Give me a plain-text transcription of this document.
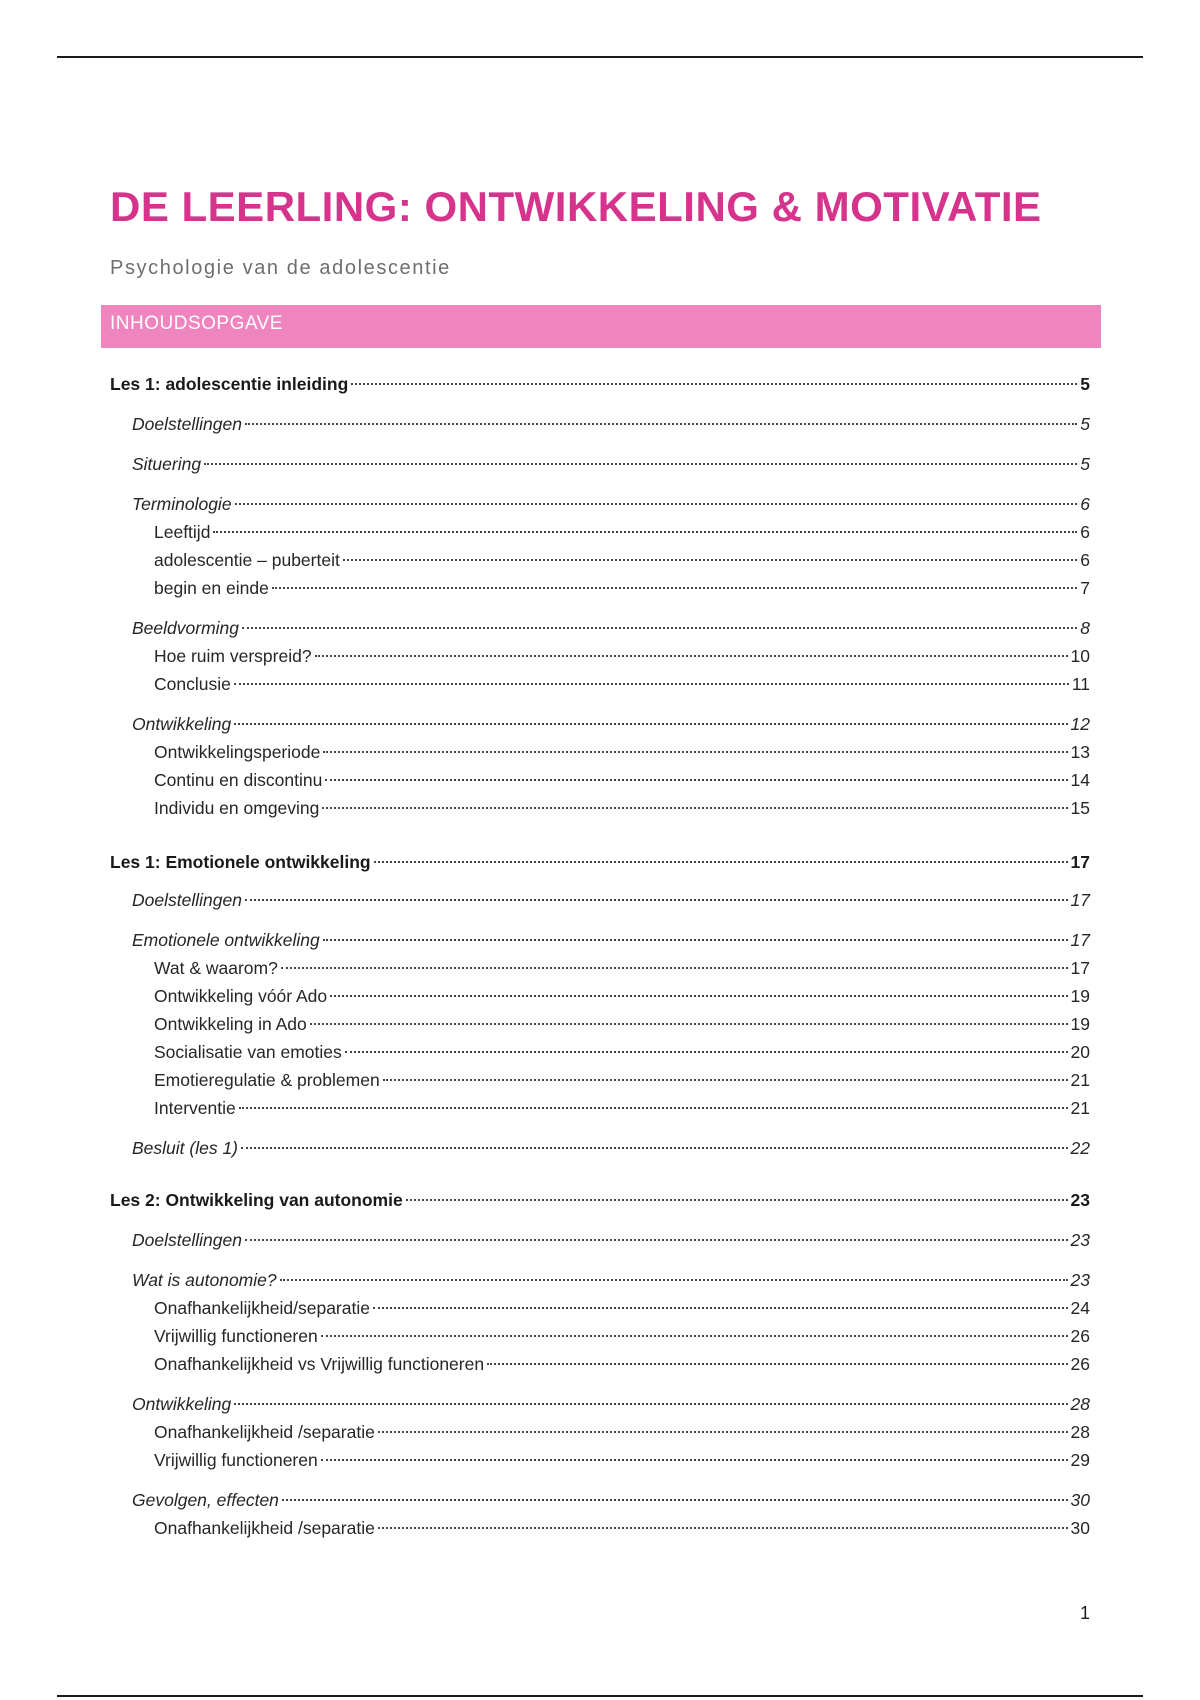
DE LEERLING: ONTWIKKELING & MOTIVATIE
Psychologie van de adolescentie
INHOUDSOPGAVE
Les 1: adolescentie inleiding	5
Doelstellingen	5
Situering	5
Terminologie	6
Leeftijd	6
adolescentie – puberteit	6
begin en einde	7
Beeldvorming	8
Hoe ruim verspreid?	10
Conclusie	11
Ontwikkeling	12
Ontwikkelingsperiode	13
Continu en discontinu	14
Individu en omgeving	15
Les 1: Emotionele ontwikkeling	17
Doelstellingen	17
Emotionele ontwikkeling	17
Wat & waarom?	17
Ontwikkeling vóór Ado	19
Ontwikkeling in Ado	19
Socialisatie van emoties	20
Emotieregulatie & problemen	21
Interventie	21
Besluit (les 1)	22
Les 2: Ontwikkeling van autonomie	23
Doelstellingen	23
Wat is autonomie?	23
Onafhankelijkheid/separatie	24
Vrijwillig functioneren	26
Onafhankelijkheid vs Vrijwillig functioneren	26
Ontwikkeling	28
Onafhankelijkheid /separatie	28
Vrijwillig functioneren	29
Gevolgen, effecten	30
Onafhankelijkheid /separatie	30
1
